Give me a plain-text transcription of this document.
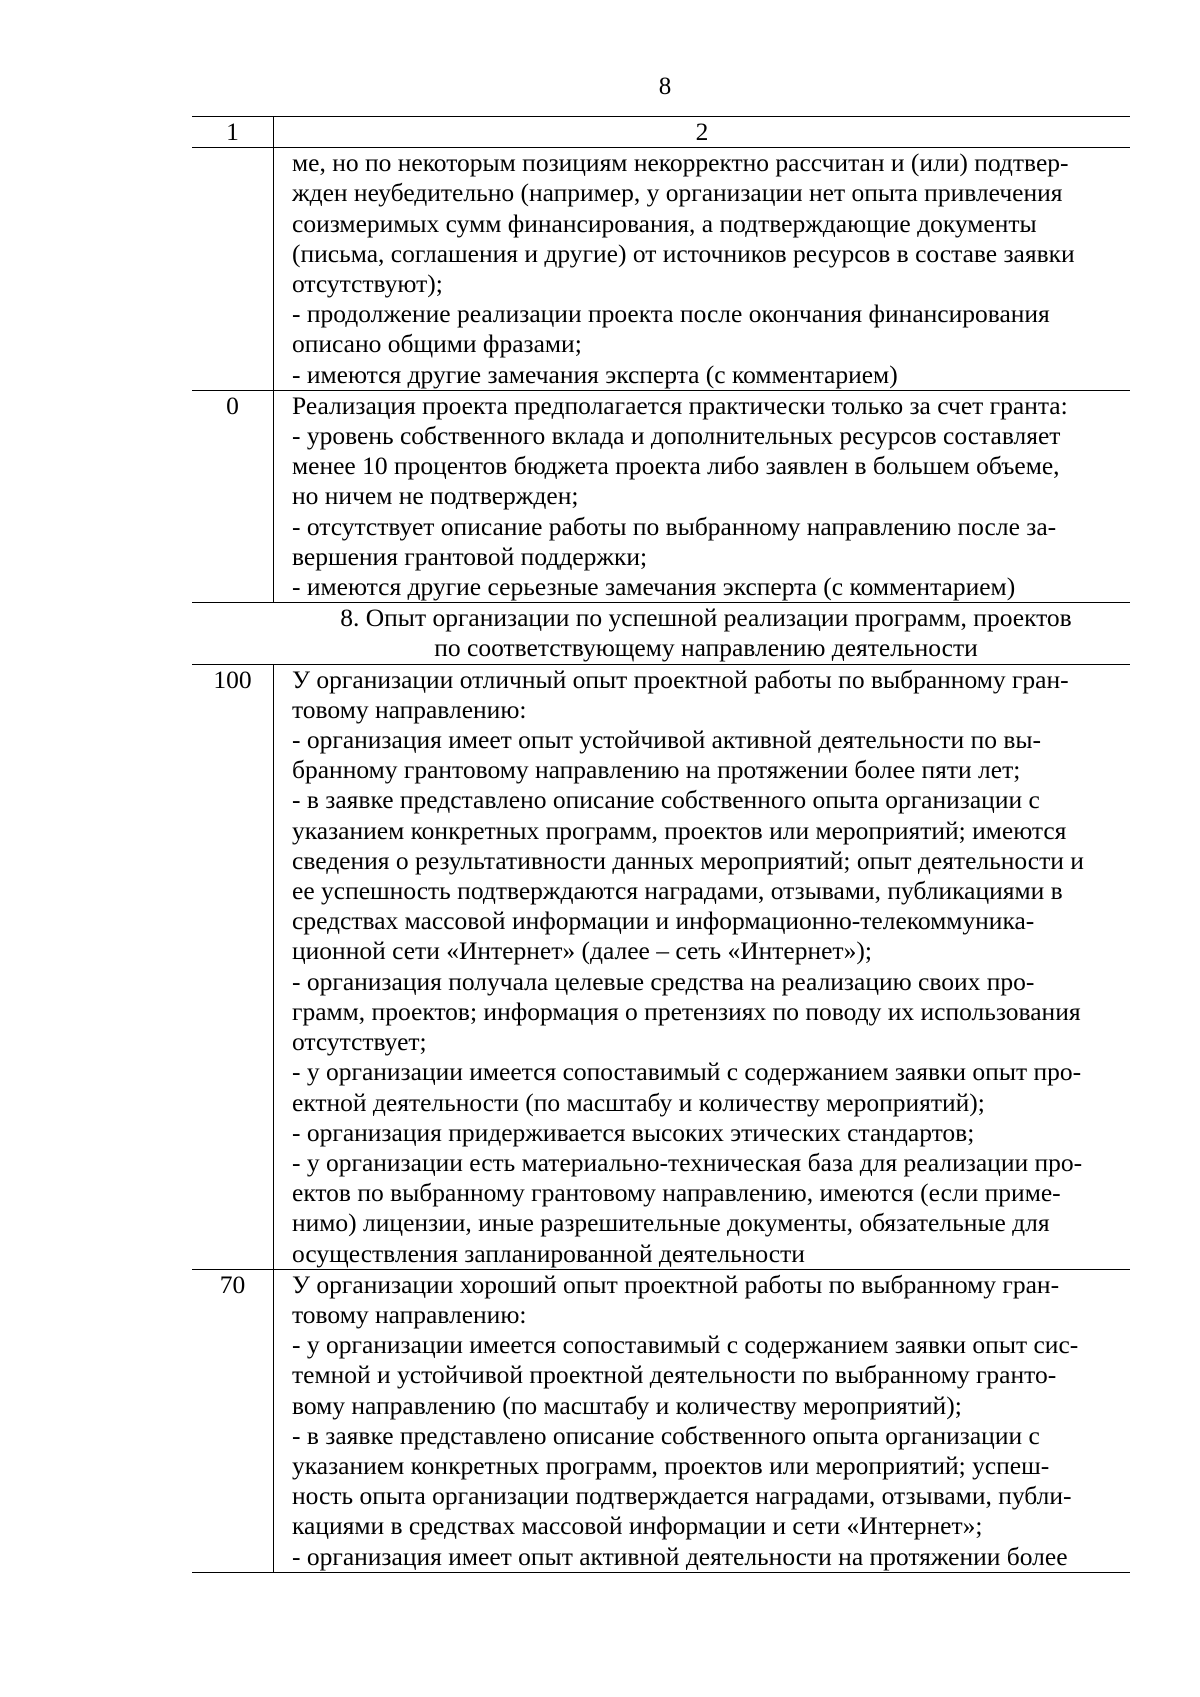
8
1	2

ме, но по некоторым позициям некорректно рассчитан и (или) подтвер-

жден неубедительно (например, у организации нет опыта привлечения

соизмеримых сумм финансирования, а подтверждающие документы

(письма, соглашения и другие) от источников ресурсов в составе заявки

отсутствуют);

- продолжение реализации проекта после окончания финансирования

описано общими фразами;

- имеются другие замечания эксперта (с комментарием)

0	Реализация проекта предполагается практически только за счет гранта:

- уровень собственного вклада и дополнительных ресурсов составляет

менее 10 процентов бюджета проекта либо заявлен в большем объеме,

но ничем не подтвержден;

- отсутствует описание работы по выбранному направлению после за-

вершения грантовой поддержки;

- имеются другие серьезные замечания эксперта (с комментарием)

8. Опыт организации по успешной реализации программ, проектов

по соответствующему направлению деятельности

100	У организации отличный опыт проектной работы по выбранному гран-

товому направлению:

- организация имеет опыт устойчивой активной деятельности по вы-

бранному грантовому направлению на протяжении более пяти лет;

- в заявке представлено описание собственного опыта организации с

указанием конкретных программ, проектов или мероприятий; имеются

сведения о результативности данных мероприятий; опыт деятельности и

ее успешность подтверждаются наградами, отзывами, публикациями в

средствах массовой информации и информационно-телекоммуника-

ционной сети «Интернет» (далее – сеть «Интернет»);

- организация получала целевые средства на реализацию своих про-

грамм, проектов; информация о претензиях по поводу их использования

отсутствует;

- у организации имеется сопоставимый с содержанием заявки опыт про-

ектной деятельности (по масштабу и количеству мероприятий);

- организация придерживается высоких этических стандартов;

- у организации есть материально-техническая база для реализации про-

ектов по выбранному грантовому направлению, имеются (если приме-

нимо) лицензии, иные разрешительные документы, обязательные для

осуществления запланированной деятельности

70	У организации хороший опыт проектной работы по выбранному гран-

товому направлению:

- у организации имеется сопоставимый с содержанием заявки опыт сис-

темной и устойчивой проектной деятельности по выбранному гранто-

вому направлению (по масштабу и количеству мероприятий);

- в заявке представлено описание собственного опыта организации с

указанием конкретных программ, проектов или мероприятий; успеш-

ность опыта организации подтверждается наградами, отзывами, публи-

кациями в средствах массовой информации и сети «Интернет»;

- организация имеет опыт активной деятельности на протяжении более
